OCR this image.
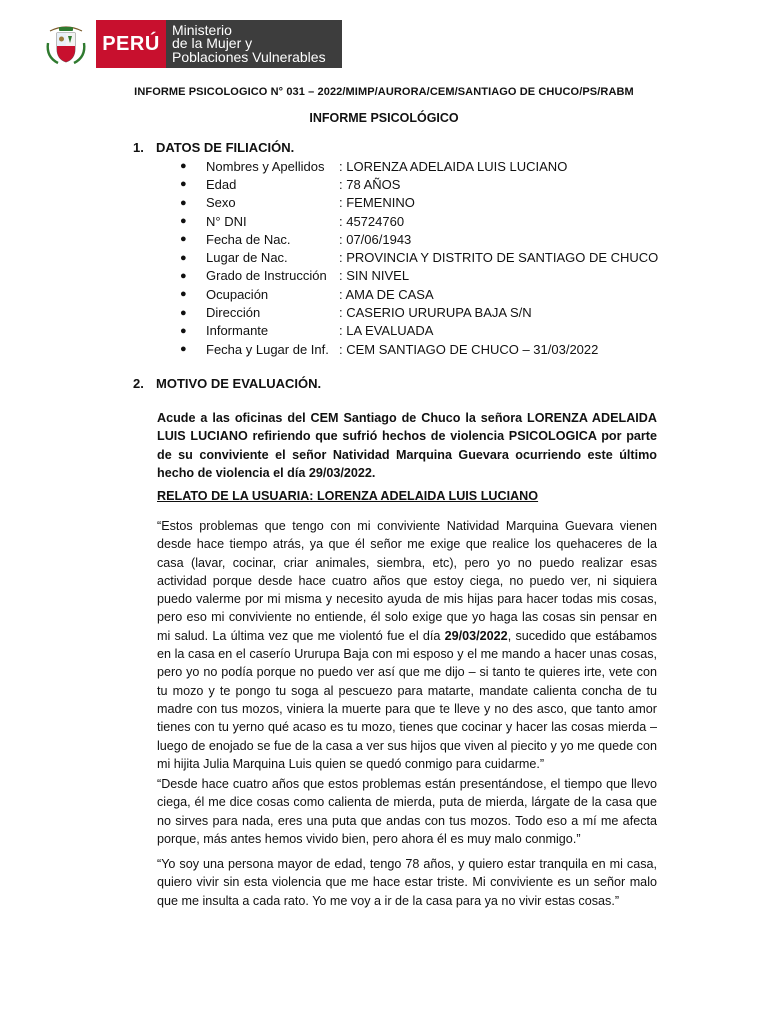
PERÚ
Ministerio
de la Mujer y
Poblaciones Vulnerables
INFORME PSICOLOGICO N° 031 – 2022/MIMP/AURORA/CEM/SANTIAGO DE CHUCO/PS/RABM
INFORME PSICOLÓGICO
1. DATOS DE FILIACIÓN.
●	Nombres y Apellidos	: LORENZA ADELAIDA LUIS LUCIANO
●	Edad	: 78 AÑOS
●	Sexo	: FEMENINO
●	N° DNI	: 45724760
●	Fecha de Nac.	: 07/06/1943
●	Lugar de Nac.	: PROVINCIA Y DISTRITO DE SANTIAGO DE CHUCO
●	Grado de Instrucción : SIN NIVEL
●	Ocupación	: AMA DE CASA
●	Dirección	: CASERIO URURUPA BAJA S/N
●	Informante	: LA EVALUADA
●	Fecha y Lugar de Inf. : CEM SANTIAGO DE CHUCO – 31/03/2022
2. MOTIVO DE EVALUACIÓN.
Acude a las oficinas del CEM Santiago de Chuco la señora LORENZA ADELAIDA LUIS LUCIANO refiriendo que sufrió hechos de violencia PSICOLOGICA por parte de su conviviente el señor Natividad Marquina Guevara ocurriendo este último hecho de violencia el día 29/03/2022.
RELATO DE LA USUARIA: LORENZA ADELAIDA LUIS LUCIANO
“Estos problemas que tengo con mi conviviente Natividad Marquina Guevara vienen desde hace tiempo atrás, ya que él señor me exige que realice los quehaceres de la casa (lavar, cocinar, criar animales, siembra, etc), pero yo no puedo realizar esas actividad porque desde hace cuatro años que estoy ciega, no puedo ver, ni siquiera puedo valerme por mi misma y necesito ayuda de mis hijas para hacer todas mis cosas, pero eso mi conviviente no entiende, él solo exige que yo haga las cosas sin pensar en mi salud. La última vez que me violentó fue el día 29/03/2022, sucedido que estábamos en la casa en el caserío Ururupa Baja con mi esposo y el me mando a hacer unas cosas, pero yo no podía porque no puedo ver así que me dijo – si tanto te quieres irte, vete con tu mozo y te pongo tu soga al pescuezo para matarte, mandate calienta concha de tu madre con tus mozos, viniera la muerte para que te lleve y no des asco, que tanto amor tienes con tu yerno qué acaso es tu mozo, tienes que cocinar y hacer las cosas mierda – luego de enojado se fue de la casa a ver sus hijos que viven al piecito y yo me quede con mi hijita Julia Marquina Luis quien se quedó conmigo para cuidarme.”
“Desde hace cuatro años que estos problemas están presentándose, el tiempo que llevo ciega, él me dice cosas como calienta de mierda, puta de mierda, lárgate de la casa que no sirves para nada, eres una puta que andas con tus mozos. Todo eso a mí me afecta porque, más antes hemos vivido bien, pero ahora él es muy malo conmigo.”
“Yo soy una persona mayor de edad, tengo 78 años, y quiero estar tranquila en mi casa, quiero vivir sin esta violencia que me hace estar triste. Mi conviviente es un señor malo que me insulta a cada rato. Yo me voy a ir de la casa para ya no vivir estas cosas.”
